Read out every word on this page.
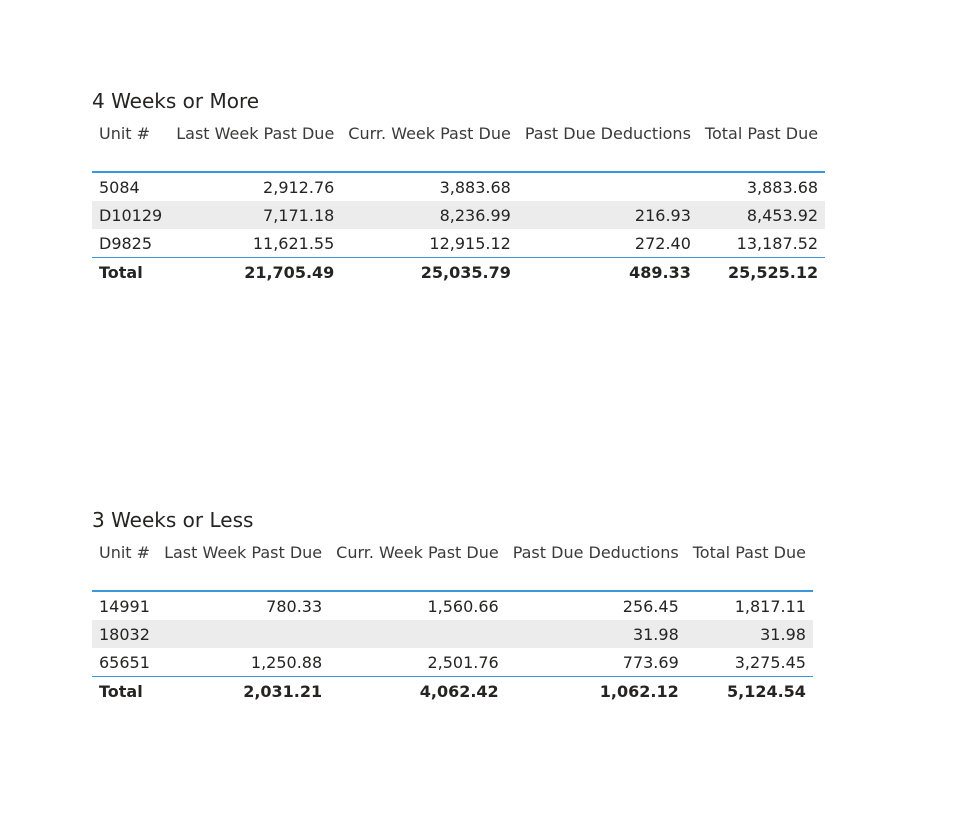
4 Weeks or More
Unit #	Last Week Past Due	Curr. Week Past Due	Past Due Deductions	Total Past Due
5084	2,912.76	3,883.68		3,883.68
D10129	7,171.18	8,236.99	216.93	8,453.92
D9825	11,621.55	12,915.12	272.40	13,187.52
Total	21,705.49	25,035.79	489.33	25,525.12
3 Weeks or Less
Unit #	Last Week Past Due	Curr. Week Past Due	Past Due Deductions	Total Past Due
14991	780.33	1,560.66	256.45	1,817.11
18032			31.98	31.98
65651	1,250.88	2,501.76	773.69	3,275.45
Total	2,031.21	4,062.42	1,062.12	5,124.54
